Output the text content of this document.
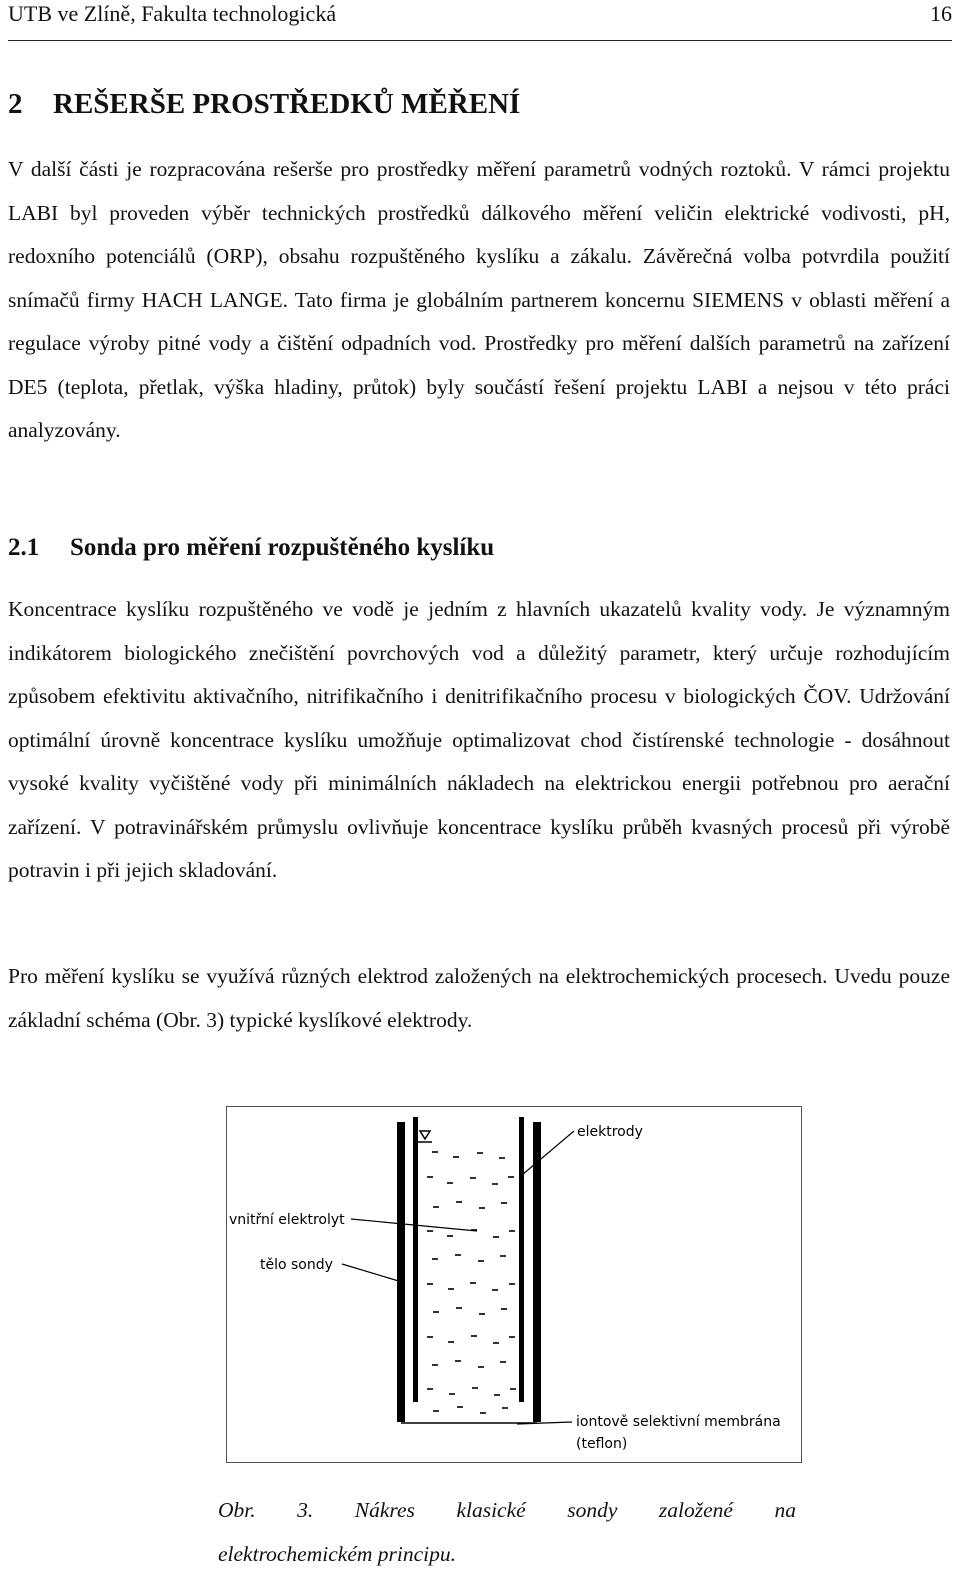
UTB ve Zlíně, Fakulta technologická	16
2 REŠERŠE PROSTŘEDKŮ MĚŘENÍ

V další části je rozpracována rešerše pro prostředky měření parametrů vodných roztoků. V rámci projektu LABI byl proveden výběr technických prostředků dálkového měření veličin elektrické vodivosti, pH, redoxního potenciálů (ORP), obsahu rozpuštěného kyslíku a zákalu. Závěrečná volba potvrdila použití snímačů firmy HACH LANGE. Tato firma je globálním partnerem koncernu SIEMENS v oblasti měření a regulace výroby pitné vody a čištění odpadních vod. Prostředky pro měření dalších parametrů na zařízení DE5 (teplota, přetlak, výška hladiny, průtok) byly součástí řešení projektu LABI a nejsou v této práci analyzovány.

2.1 Sonda pro měření rozpuštěného kyslíku

Koncentrace kyslíku rozpuštěného ve vodě je jedním z hlavních ukazatelů kvality vody. Je významným indikátorem biologického znečištění povrchových vod a důležitý parametr, který určuje rozhodujícím způsobem efektivitu aktivačního, nitrifikačního i denitrifikačního procesu v biologických ČOV. Udržování optimální úrovně koncentrace kyslíku umožňuje optimalizovat chod čistírenské technologie - dosáhnout vysoké kvality vyčištěné vody při minimálních nákladech na elektrickou energii potřebnou pro aerační zařízení. V potravinářském průmyslu ovlivňuje koncentrace kyslíku průběh kvasných procesů při výrobě potravin i při jejich skladování.

Pro měření kyslíku se využívá různých elektrod založených na elektrochemických procesech. Uvedu pouze základní schéma (Obr. 3) typické kyslíkové elektrody.

elektrody
vnitřní elektrolyt
tělo sondy
iontově selektivní membrána
(teflon)
Obr. 3. Nákres klasické sondy založené na
elektrochemickém principu.
